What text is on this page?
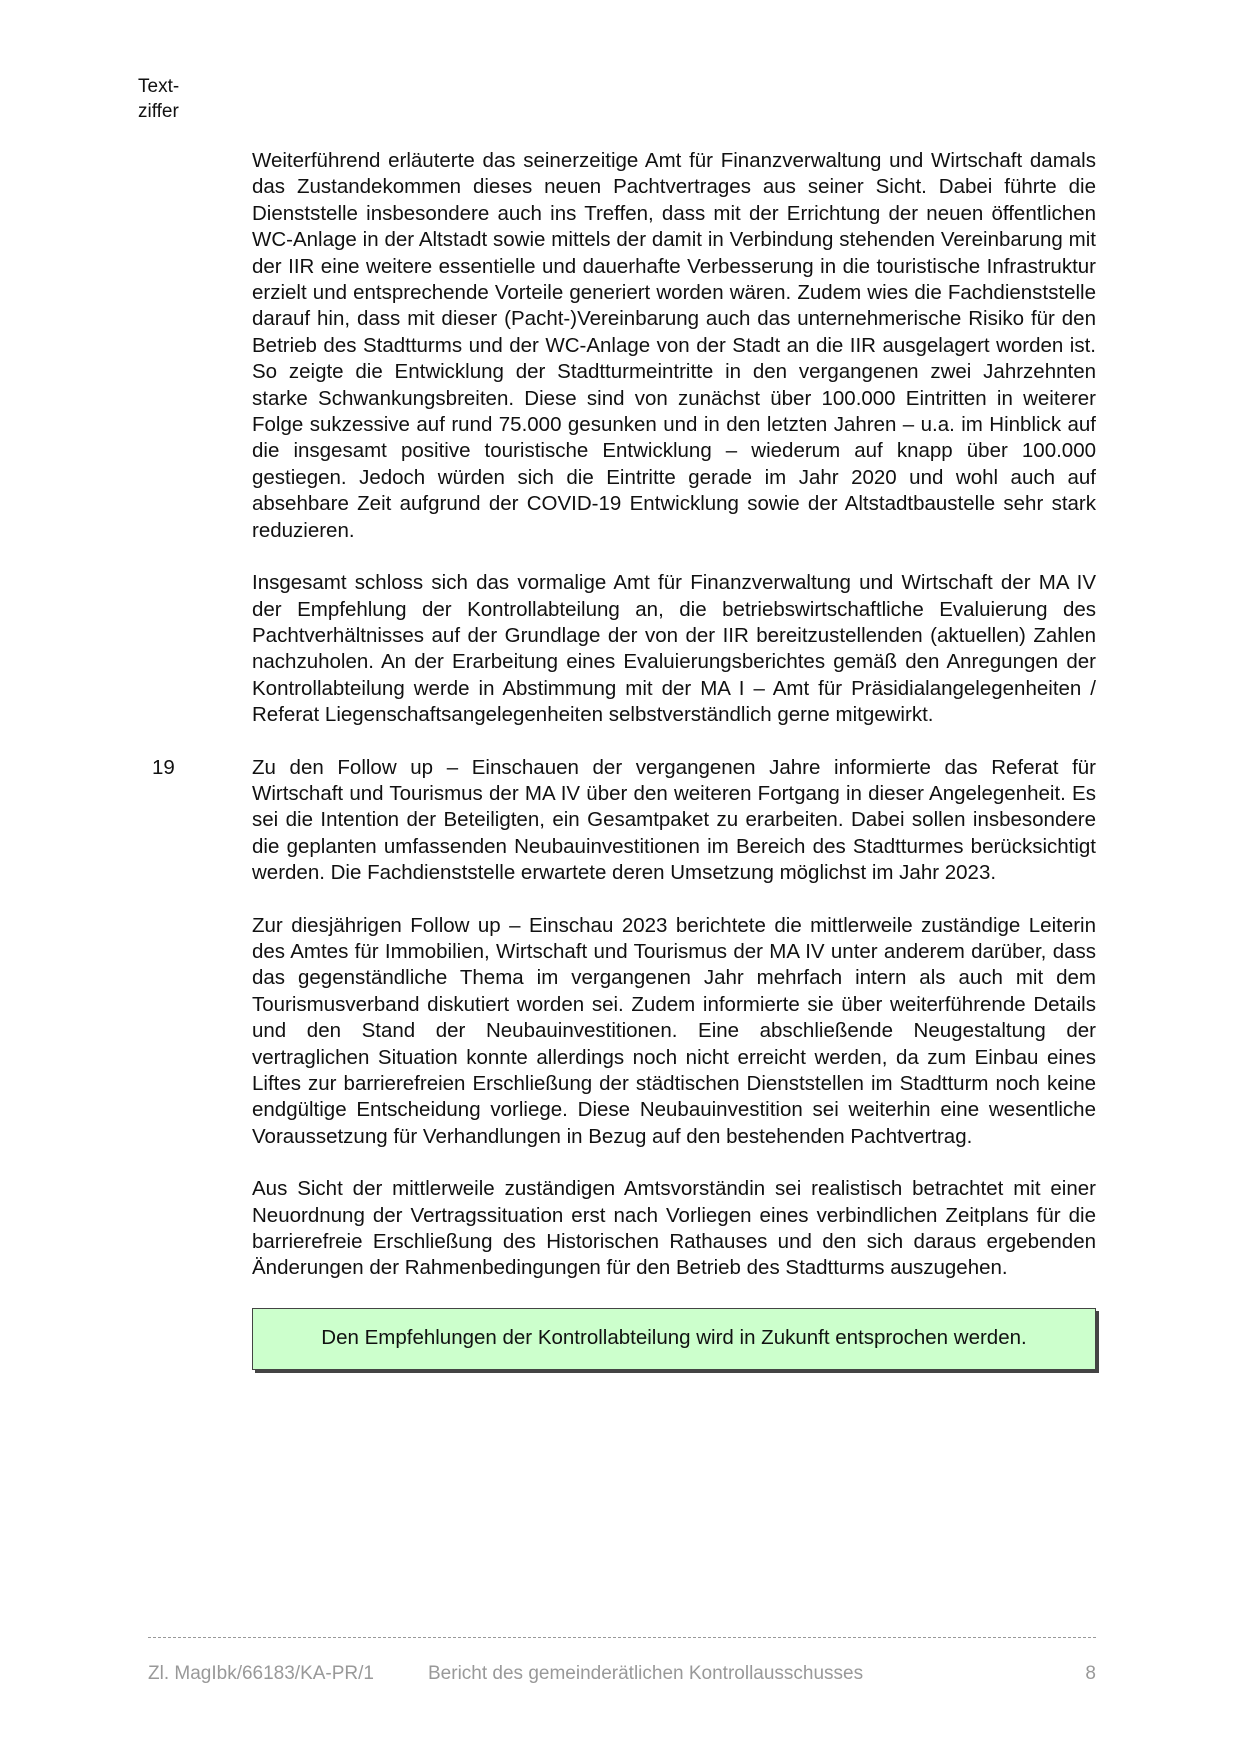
Text-
ziffer

Weiterführend erläuterte das seinerzeitige Amt für Finanzverwaltung und Wirtschaft damals das Zustandekommen dieses neuen Pachtvertrages aus seiner Sicht. Dabei führte die Dienststelle insbesondere auch ins Treffen, dass mit der Errichtung der neuen öffentlichen WC-Anlage in der Altstadt sowie mittels der damit in Verbindung stehenden Vereinbarung mit der IIR eine weitere essentielle und dauerhafte Verbesserung in die touristische Infrastruktur erzielt und entsprechende Vorteile generiert worden wären. Zudem wies die Fachdienststelle darauf hin, dass mit dieser (Pacht-)Vereinbarung auch das unternehmerische Risiko für den Betrieb des Stadtturms und der WC-Anlage von der Stadt an die IIR ausgelagert worden ist. So zeigte die Entwicklung der Stadtturmeintritte in den vergangenen zwei Jahrzehnten starke Schwankungsbreiten. Diese sind von zunächst über 100.000 Eintritten in weiterer Folge sukzessive auf rund 75.000 gesunken und in den letzten Jahren – u.a. im Hinblick auf die insgesamt positive touristische Entwicklung – wiederum auf knapp über 100.000 gestiegen. Jedoch würden sich die Eintritte gerade im Jahr 2020 und wohl auch auf absehbare Zeit aufgrund der COVID-19 Entwicklung sowie der Altstadtbaustelle sehr stark reduzieren.

Insgesamt schloss sich das vormalige Amt für Finanzverwaltung und Wirtschaft der MA IV der Empfehlung der Kontrollabteilung an, die betriebswirtschaftliche Evaluierung des Pachtverhältnisses auf der Grundlage der von der IIR bereitzustellenden (aktuellen) Zahlen nachzuholen. An der Erarbeitung eines Evaluierungsberichtes gemäß den Anregungen der Kontrollabteilung werde in Abstimmung mit der MA I – Amt für Präsidialangelegenheiten / Referat Liegenschaftsangelegenheiten selbstverständlich gerne mitgewirkt.

19	Zu den Follow up – Einschauen der vergangenen Jahre informierte das Referat für Wirtschaft und Tourismus der MA IV über den weiteren Fortgang in dieser Angelegenheit. Es sei die Intention der Beteiligten, ein Gesamtpaket zu erarbeiten. Dabei sollen insbesondere die geplanten umfassenden Neubauinvestitionen im Bereich des Stadtturmes berücksichtigt werden. Die Fachdienststelle erwartete deren Umsetzung möglichst im Jahr 2023.

Zur diesjährigen Follow up – Einschau 2023 berichtete die mittlerweile zuständige Leiterin des Amtes für Immobilien, Wirtschaft und Tourismus der MA IV unter anderem darüber, dass das gegenständliche Thema im vergangenen Jahr mehrfach intern als auch mit dem Tourismusverband diskutiert worden sei. Zudem informierte sie über weiterführende Details und den Stand der Neubauinvestitionen. Eine abschließende Neugestaltung der vertraglichen Situation konnte allerdings noch nicht erreicht werden, da zum Einbau eines Liftes zur barrierefreien Erschließung der städtischen Dienststellen im Stadtturm noch keine endgültige Entscheidung vorliege. Diese Neubauinvestition sei weiterhin eine wesentliche Voraussetzung für Verhandlungen in Bezug auf den bestehenden Pachtvertrag.

Aus Sicht der mittlerweile zuständigen Amtsvorständin sei realistisch betrachtet mit einer Neuordnung der Vertragssituation erst nach Vorliegen eines verbindlichen Zeitplans für die barrierefreie Erschließung des Historischen Rathauses und den sich daraus ergebenden Änderungen der Rahmenbedingungen für den Betrieb des Stadtturms auszugehen.

Den Empfehlungen der Kontrollabteilung wird in Zukunft entsprochen werden.
Zl. MagIbk/66183/KA-PR/1	Bericht des gemeinderätlichen Kontrollausschusses	8
